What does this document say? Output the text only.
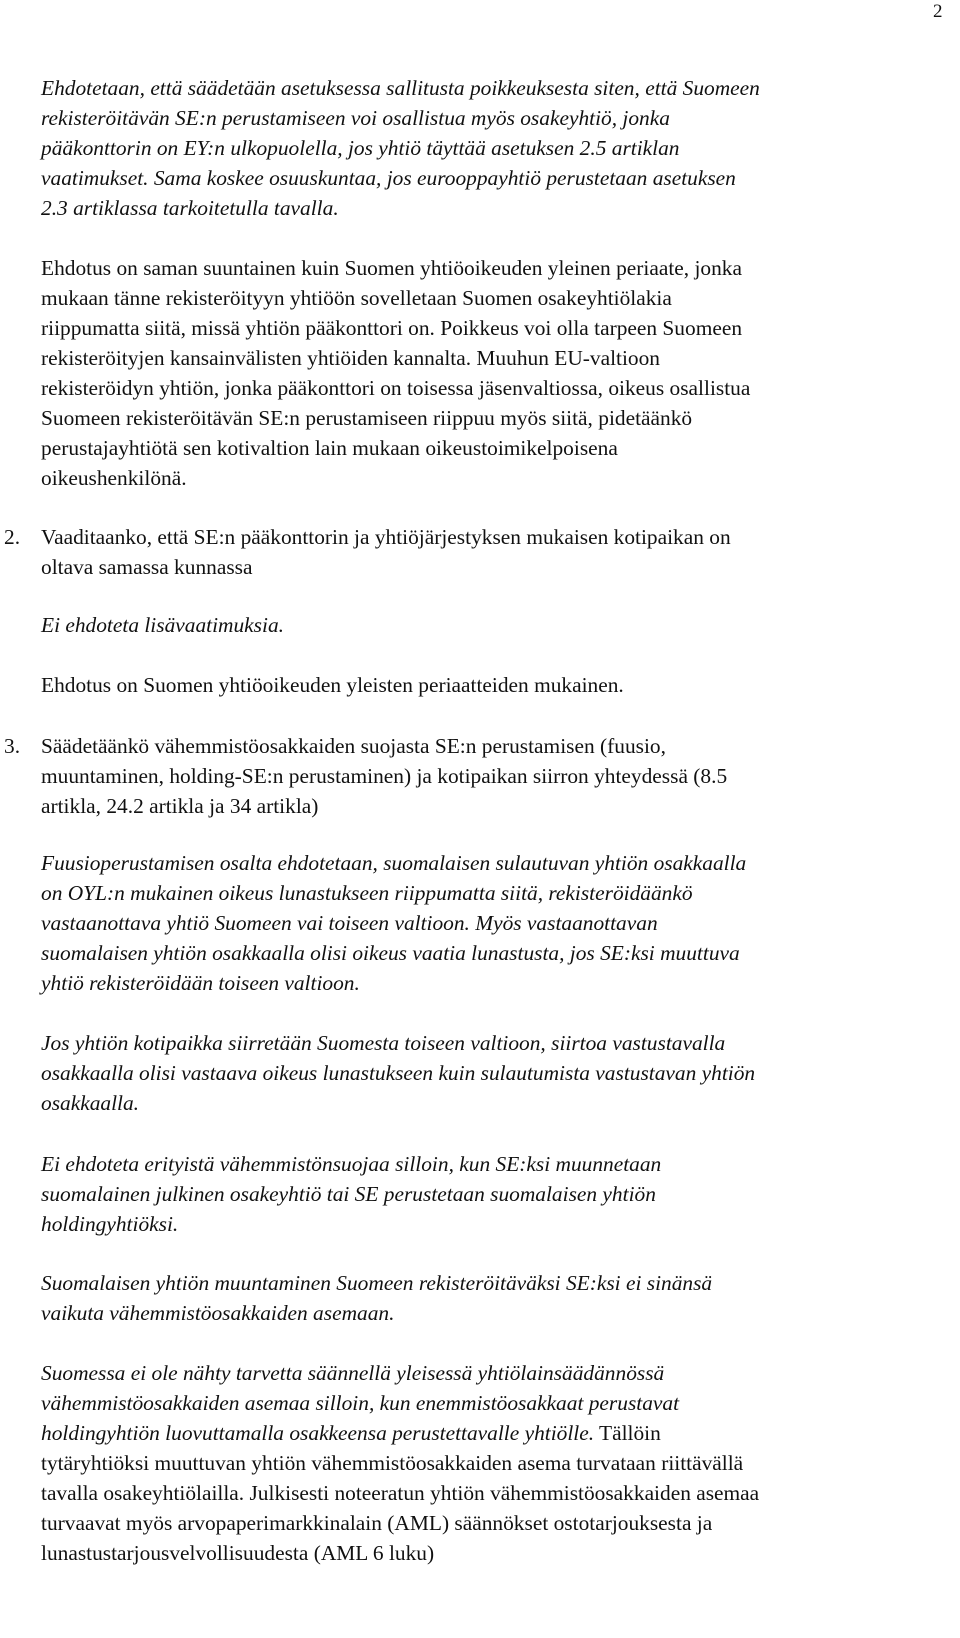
2

Ehdotetaan, että säädetään asetuksessa sallitusta poikkeuksesta siten, että Suomeen

rekisteröitävän SE:n perustamiseen voi osallistua myös osakeyhtiö, jonka

pääkonttorin on EY:n ulkopuolella, jos yhtiö täyttää asetuksen 2.5 artiklan

vaatimukset. Sama koskee osuuskuntaa, jos eurooppayhtiö perustetaan asetuksen

2.3 artiklassa tarkoitetulla tavalla.

Ehdotus on saman suuntainen kuin Suomen yhtiöoikeuden yleinen periaate, jonka

mukaan tänne rekisteröityyn yhtiöön sovelletaan Suomen osakeyhtiölakia

riippumatta siitä, missä yhtiön pääkonttori on. Poikkeus voi olla tarpeen Suomeen

rekisteröityjen kansainvälisten yhtiöiden kannalta. Muuhun EU-valtioon

rekisteröidyn yhtiön, jonka pääkonttori on toisessa jäsenvaltiossa, oikeus osallistua

Suomeen rekisteröitävän SE:n perustamiseen riippuu myös siitä, pidetäänkö

perustajayhtiötä sen kotivaltion lain mukaan oikeustoimikelpoisena

oikeushenkilönä.

2. Vaaditaanko, että SE:n pääkonttorin ja yhtiöjärjestyksen mukaisen kotipaikan on

oltava samassa kunnassa

Ei ehdoteta lisävaatimuksia.

Ehdotus on Suomen yhtiöoikeuden yleisten periaatteiden mukainen.

3. Säädetäänkö vähemmistöosakkaiden suojasta SE:n perustamisen (fuusio,

muuntaminen, holding-SE:n perustaminen) ja kotipaikan siirron yhteydessä (8.5

artikla, 24.2 artikla ja 34 artikla)

Fuusioperustamisen osalta ehdotetaan, suomalaisen sulautuvan yhtiön osakkaalla

on OYL:n mukainen oikeus lunastukseen riippumatta siitä, rekisteröidäänkö

vastaanottava yhtiö Suomeen vai toiseen valtioon. Myös vastaanottavan

suomalaisen yhtiön osakkaalla olisi oikeus vaatia lunastusta, jos SE:ksi muuttuva

yhtiö rekisteröidään toiseen valtioon.

Jos yhtiön kotipaikka siirretään Suomesta toiseen valtioon, siirtoa vastustavalla

osakkaalla olisi vastaava oikeus lunastukseen kuin sulautumista vastustavan yhtiön

osakkaalla.

Ei ehdoteta erityistä vähemmistönsuojaa silloin, kun SE:ksi muunnetaan

suomalainen julkinen osakeyhtiö tai SE perustetaan suomalaisen yhtiön

holdingyhtiöksi.

Suomalaisen yhtiön muuntaminen Suomeen rekisteröitäväksi SE:ksi ei sinänsä

vaikuta vähemmistöosakkaiden asemaan.

Suomessa ei ole nähty tarvetta säännellä yleisessä yhtiölainsäädännössä

vähemmistöosakkaiden asemaa silloin, kun enemmistöosakkaat perustavat

holdingyhtiön luovuttamalla osakkeensa perustettavalle yhtiölle. Tällöin

tytäryhtiöksi muuttuvan yhtiön vähemmistöosakkaiden asema turvataan riittävällä

tavalla osakeyhtiölailla. Julkisesti noteeratun yhtiön vähemmistöosakkaiden asemaa

turvaavat myös arvopaperimarkkinalain (AML) säännökset ostotarjouksesta ja

lunastustarjousvelvollisuudesta (AML 6 luku)
